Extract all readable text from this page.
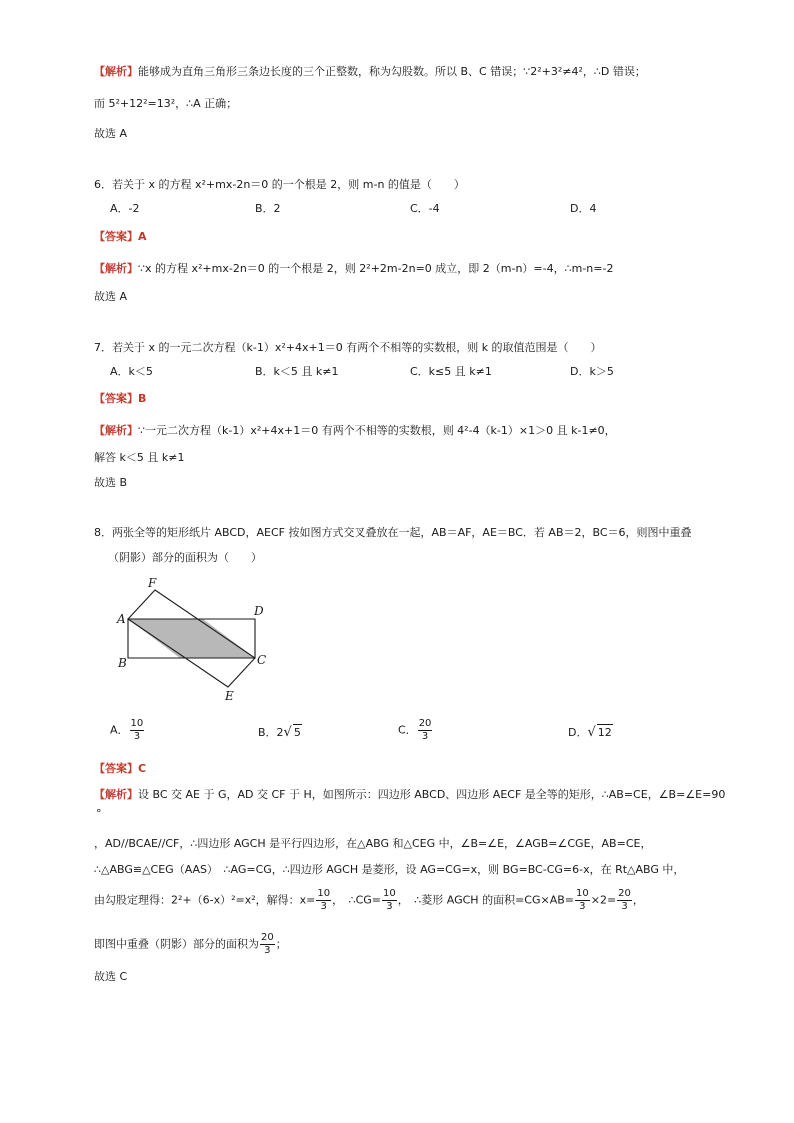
【解析】能够成为直角三角形三条边长度的三个正整数，称为勾股数。所以 B、C 错误；∵2²+3²≠4²，∴D 错误；
而 5²+12²=13²，∴A 正确；
故选 A
6．若关于 x 的方程 x²+mx-2n＝0 的一个根是 2，则 m-n 的值是（　　）
A．-2	B．2	C．-4	D．4
【答案】A
【解析】∵x 的方程 x²+mx-2n＝0 的一个根是 2，则 2²+2m-2n=0 成立，即 2（m-n）=-4，∴m-n=-2
故选 A
7．若关于 x 的一元二次方程（k-1）x²+4x+1＝0 有两个不相等的实数根，则 k 的取值范围是（　　）
A．k＜5	B．k＜5 且 k≠1	C．k≤5 且 k≠1	D．k＞5
【答案】B
【解析】∵一元二次方程（k-1）x²+4x+1＝0 有两个不相等的实数根，则 4²-4（k-1）×1＞0 且 k-1≠0，
解答 k＜5 且 k≠1
故选 B
8．两张全等的矩形纸片 ABCD，AECF 按如图方式交叉叠放在一起，AB＝AF，AE＝BC．若 AB＝2，BC＝6，则图中重叠
（阴影）部分的面积为（　　）
F
A
D
B	C
E
A． $\frac{10}{3}$	B．2√ 5	C． $\frac{20}{3}$	D．√ 12
【答案】C
【解析】设 BC 交 AE 于 G，AD 交 CF 于 H，如图所示：四边形 ABCD、四边形 AECF 是全等的矩形，∴AB=CE，∠B=∠E=90
°
，AD//BCAE//CF，∴四边形 AGCH 是平行四边形，在△ABG 和△CEG 中，∠B=∠E，∠AGB=∠CGE，AB=CE，
∴△ABG≌△CEG（AAS）　∴AG=CG，∴四边形 AGCH 是菱形，设 AG=CG=x，则 BG=BC-CG=6-x，在 Rt△ABG 中，
由勾股定理得：2²+（6-x）²=x²，解得：$x= \frac{10}{3}$ ，　∴CG= $\frac{10}{3}$ ，　∴菱形 AGCH 的面积$=CG\times AB= \frac{10}{3} \times 2= \frac{20}{3}$ ，
即图中重叠（阴影）部分的面积为 $\frac{20}{3}$ ；
故选 C
